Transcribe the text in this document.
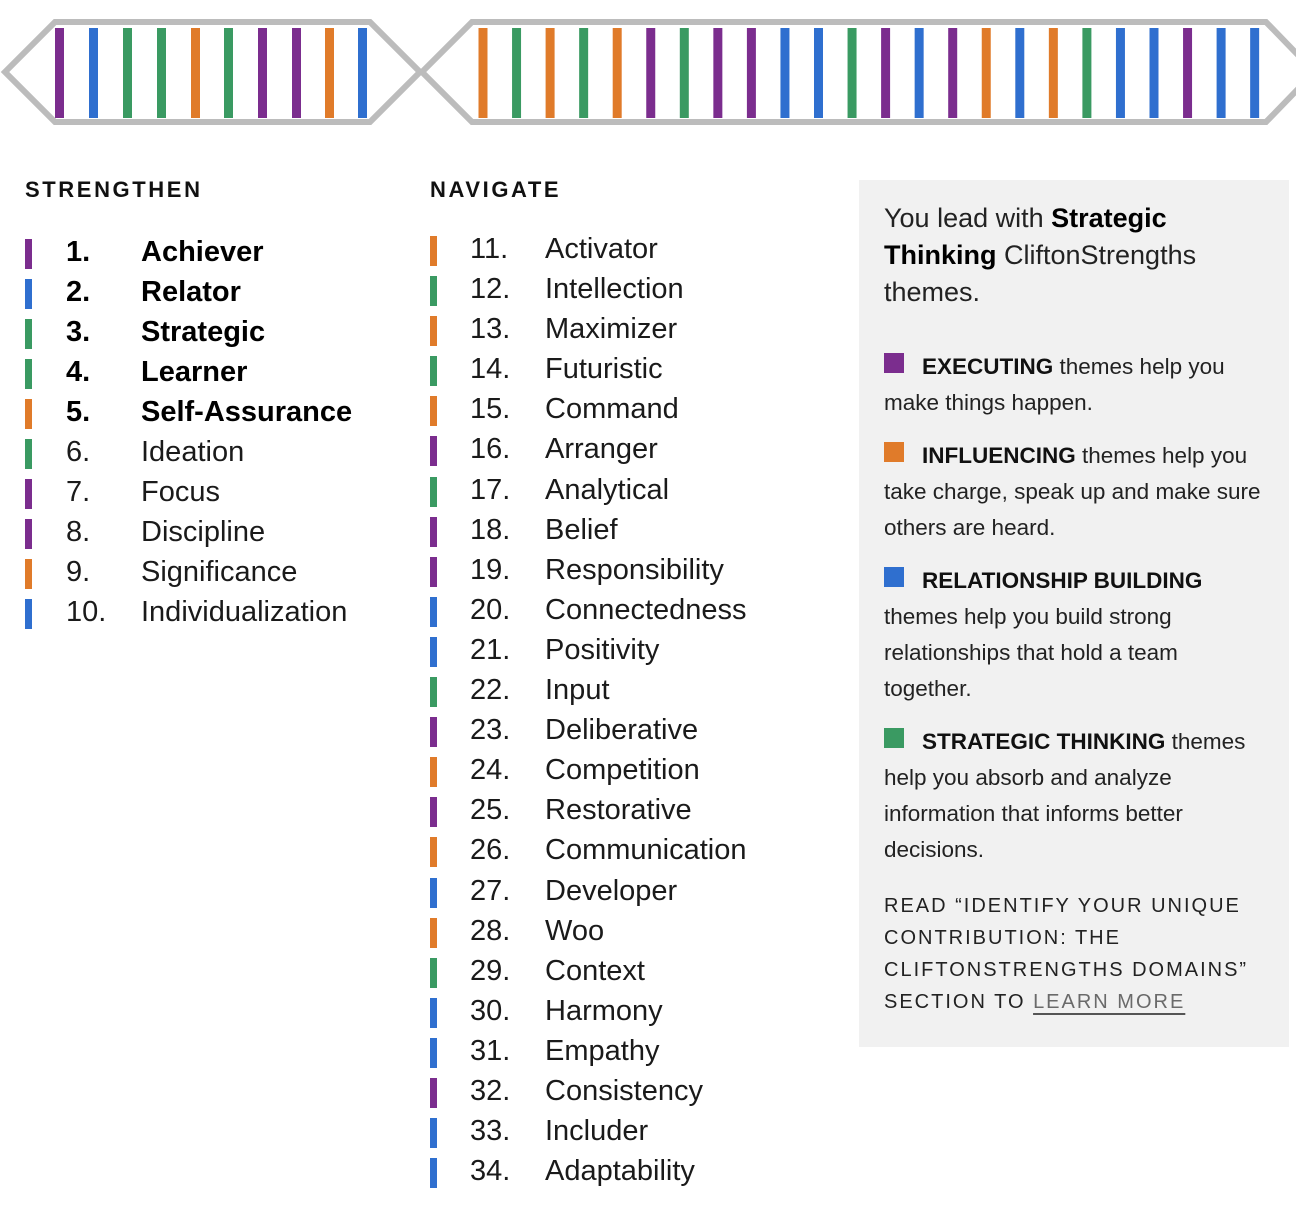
STRENGTHEN
1. Achiever
2. Relator
3. Strategic
4. Learner
5. Self-Assurance
6. Ideation
7. Focus
8. Discipline
9. Significance
10. Individualization
NAVIGATE
11. Activator
12. Intellection
13. Maximizer
14. Futuristic
15. Command
16. Arranger
17. Analytical
18. Belief
19. Responsibility
20. Connectedness
21. Positivity
22. Input
23. Deliberative
24. Competition
25. Restorative
26. Communication
27. Developer
28. Woo
29. Context
30. Harmony
31. Empathy
32. Consistency
33. Includer
34. Adaptability

You lead with Strategic Thinking CliftonStrengths themes.

EXECUTING themes help you make things happen.

INFLUENCING themes help you take charge, speak up and make sure others are heard.

RELATIONSHIP BUILDING themes help you build strong relationships that hold a team together.

STRATEGIC THINKING themes help you absorb and analyze information that informs better decisions.

READ “IDENTIFY YOUR UNIQUE CONTRIBUTION: THE CLIFTONSTRENGTHS DOMAINS” SECTION TO LEARN MORE
